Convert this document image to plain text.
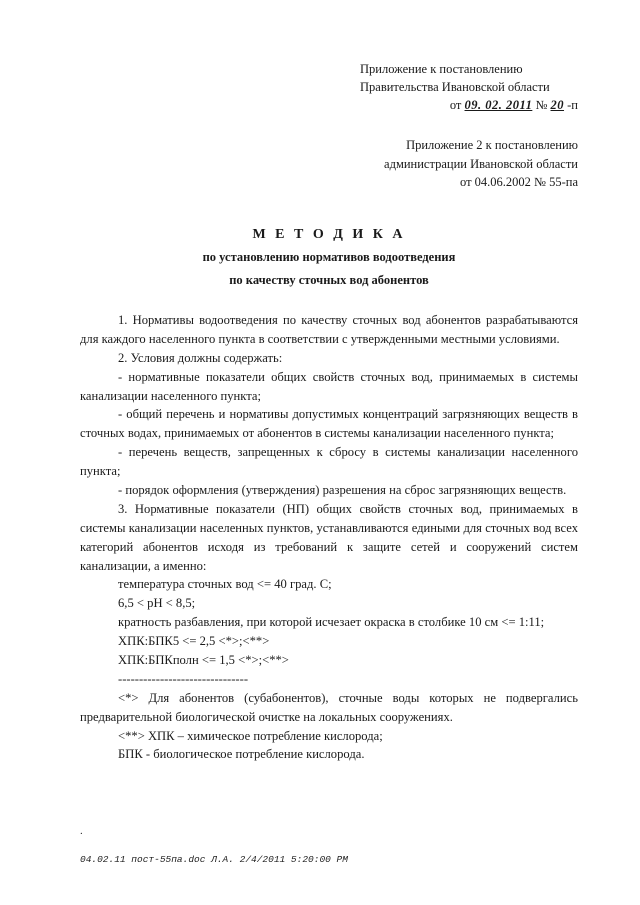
Приложение к постановлению
Правительства Ивановской области
от 09. 02. 2011 № 20 -п
Приложение 2 к постановлению
администрации Ивановской области
от 04.06.2002 № 55-па
М Е Т О Д И К А
по установлению нормативов водоотведения
по качеству сточных вод абонентов

1. Нормативы водоотведения по качеству сточных вод абонентов разрабатываются для каждого населенного пункта в соответствии с утвержденными местными условиями.

2. Условия должны содержать:

- нормативные показатели общих свойств сточных вод, принимаемых в системы канализации населенного пункта;

- общий перечень и нормативы допустимых концентраций загрязняющих веществ в сточных водах, принимаемых от абонентов в системы канализации населенного пункта;

- перечень веществ, запрещенных к сбросу в системы канализации населенного пункта;

- порядок оформления (утверждения) разрешения на сброс загрязняющих веществ.

3. Нормативные показатели (НП) общих свойств сточных вод, принимаемых в системы канализации населенных пунктов, устанавливаются едиными для сточных вод всех категорий абонентов исходя из требований к защите сетей и сооружений систем канализации, а именно:

температура сточных вод <= 40 град. С;

6,5 < pH < 8,5;

кратность разбавления, при которой исчезает окраска в столбике 10 см <= 1:11;

ХПК:БПК5 <= 2,5 <*>;<**>

ХПК:БПКполн <= 1,5 <*>;<**>

-------------------------------

<*> Для абонентов (субабонентов), сточные воды которых не подвергались предварительной биологической очистке на локальных сооружениях.

<**> ХПК – химическое потребление кислорода;

БПК - биологическое потребление кислорода.

.
04.02.11 пост-55па.doc Л.А. 2/4/2011 5:20:00 PM
